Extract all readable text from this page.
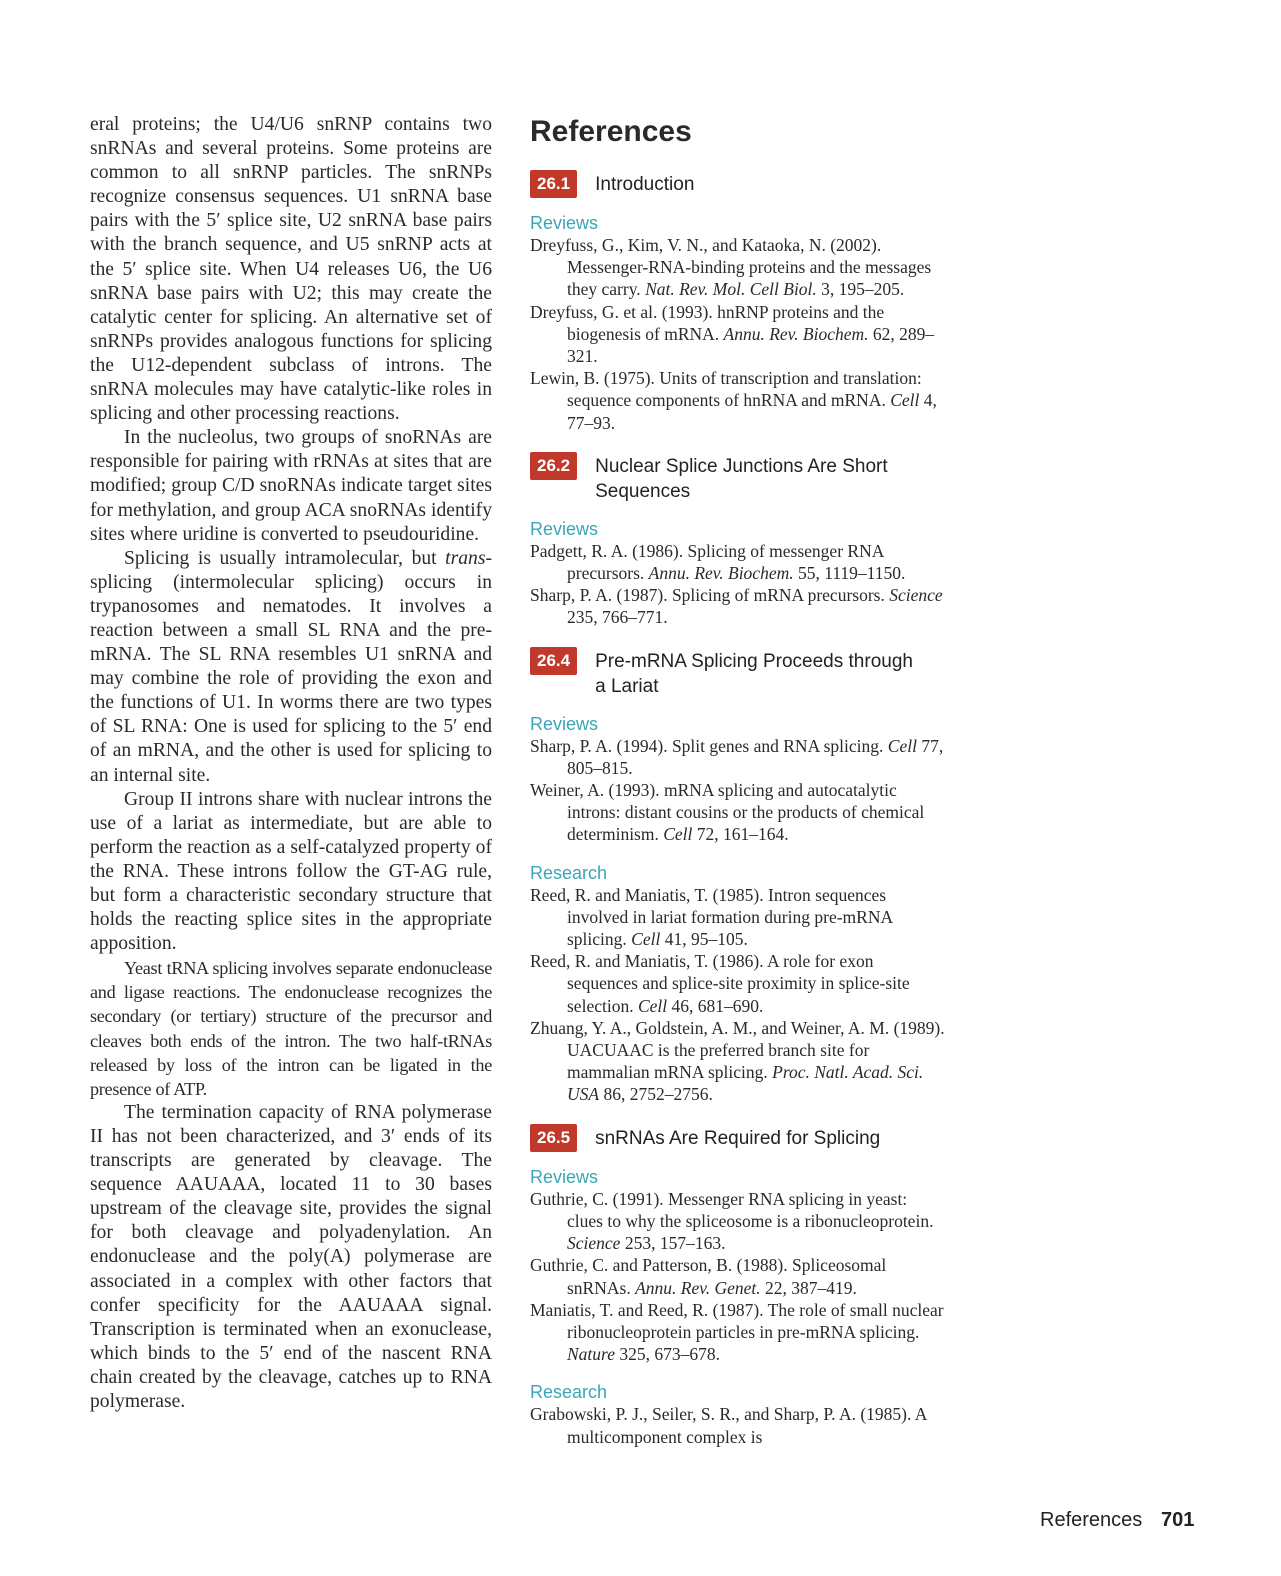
eral proteins; the U4/U6 snRNP contains two snRNAs and several proteins. Some proteins are common to all snRNP particles. The snRNPs recognize consensus sequences. U1 snRNA base pairs with the 5′ splice site, U2 snRNA base pairs with the branch sequence, and U5 snRNP acts at the 5′ splice site. When U4 releases U6, the U6 snRNA base pairs with U2; this may create the catalytic center for splicing. An alternative set of snRNPs provides analogous functions for splicing the U12-dependent subclass of introns. The snRNA molecules may have catalytic-like roles in splicing and other processing reactions.

In the nucleolus, two groups of snoRNAs are responsible for pairing with rRNAs at sites that are modified; group C/D snoRNAs indicate target sites for methylation, and group ACA snoRNAs identify sites where uridine is converted to pseudouridine.

Splicing is usually intramolecular, but trans-splicing (intermolecular splicing) occurs in trypanosomes and nematodes. It involves a reaction between a small SL RNA and the pre-mRNA. The SL RNA resembles U1 snRNA and may combine the role of providing the exon and the functions of U1. In worms there are two types of SL RNA: One is used for splicing to the 5′ end of an mRNA, and the other is used for splicing to an internal site.

Group II introns share with nuclear introns the use of a lariat as intermediate, but are able to perform the reaction as a self-catalyzed property of the RNA. These introns follow the GT-AG rule, but form a characteristic secondary structure that holds the reacting splice sites in the appropriate apposition.

Yeast tRNA splicing involves separate endonuclease and ligase reactions. The endonuclease recognizes the secondary (or tertiary) structure of the precursor and cleaves both ends of the intron. The two half-tRNAs released by loss of the intron can be ligated in the presence of ATP.

The termination capacity of RNA polymerase II has not been characterized, and 3′ ends of its transcripts are generated by cleavage. The sequence AAUAAA, located 11 to 30 bases upstream of the cleavage site, provides the signal for both cleavage and polyadenylation. An endonuclease and the poly(A) polymerase are associated in a complex with other factors that confer specificity for the AAUAAA signal. Transcription is terminated when an exonuclease, which binds to the 5′ end of the nascent RNA chain created by the cleavage, catches up to RNA polymerase.

References
26.1	Introduction
Reviews

Dreyfuss, G., Kim, V. N., and Kataoka, N. (2002). Messenger-RNA-binding proteins and the messages they carry. Nat. Rev. Mol. Cell Biol. 3, 195–205.

Dreyfuss, G. et al. (1993). hnRNP proteins and the biogenesis of mRNA. Annu. Rev. Biochem. 62, 289–321.

Lewin, B. (1975). Units of transcription and translation: sequence components of hnRNA and mRNA. Cell 4, 77–93.

26.2	Nuclear Splice Junctions Are Short Sequences
Reviews

Padgett, R. A. (1986). Splicing of messenger RNA precursors. Annu. Rev. Biochem. 55, 1119–1150.

Sharp, P. A. (1987). Splicing of mRNA precursors. Science 235, 766–771.

26.4	Pre-mRNA Splicing Proceeds through a Lariat
Reviews

Sharp, P. A. (1994). Split genes and RNA splicing. Cell 77, 805–815.

Weiner, A. (1993). mRNA splicing and autocatalytic introns: distant cousins or the products of chemical determinism. Cell 72, 161–164.

Research

Reed, R. and Maniatis, T. (1985). Intron sequences involved in lariat formation during pre-mRNA splicing. Cell 41, 95–105.

Reed, R. and Maniatis, T. (1986). A role for exon sequences and splice-site proximity in splice-site selection. Cell 46, 681–690.

Zhuang, Y. A., Goldstein, A. M., and Weiner, A. M. (1989). UACUAAC is the preferred branch site for mammalian mRNA splicing. Proc. Natl. Acad. Sci. USA 86, 2752–2756.

26.5	snRNAs Are Required for Splicing
Reviews

Guthrie, C. (1991). Messenger RNA splicing in yeast: clues to why the spliceosome is a ribonucleoprotein. Science 253, 157–163.

Guthrie, C. and Patterson, B. (1988). Spliceosomal snRNAs. Annu. Rev. Genet. 22, 387–419.

Maniatis, T. and Reed, R. (1987). The role of small nuclear ribonucleoprotein particles in pre-mRNA splicing. Nature 325, 673–678.

Research

Grabowski, P. J., Seiler, S. R., and Sharp, P. A. (1985). A multicomponent complex is

References 701
